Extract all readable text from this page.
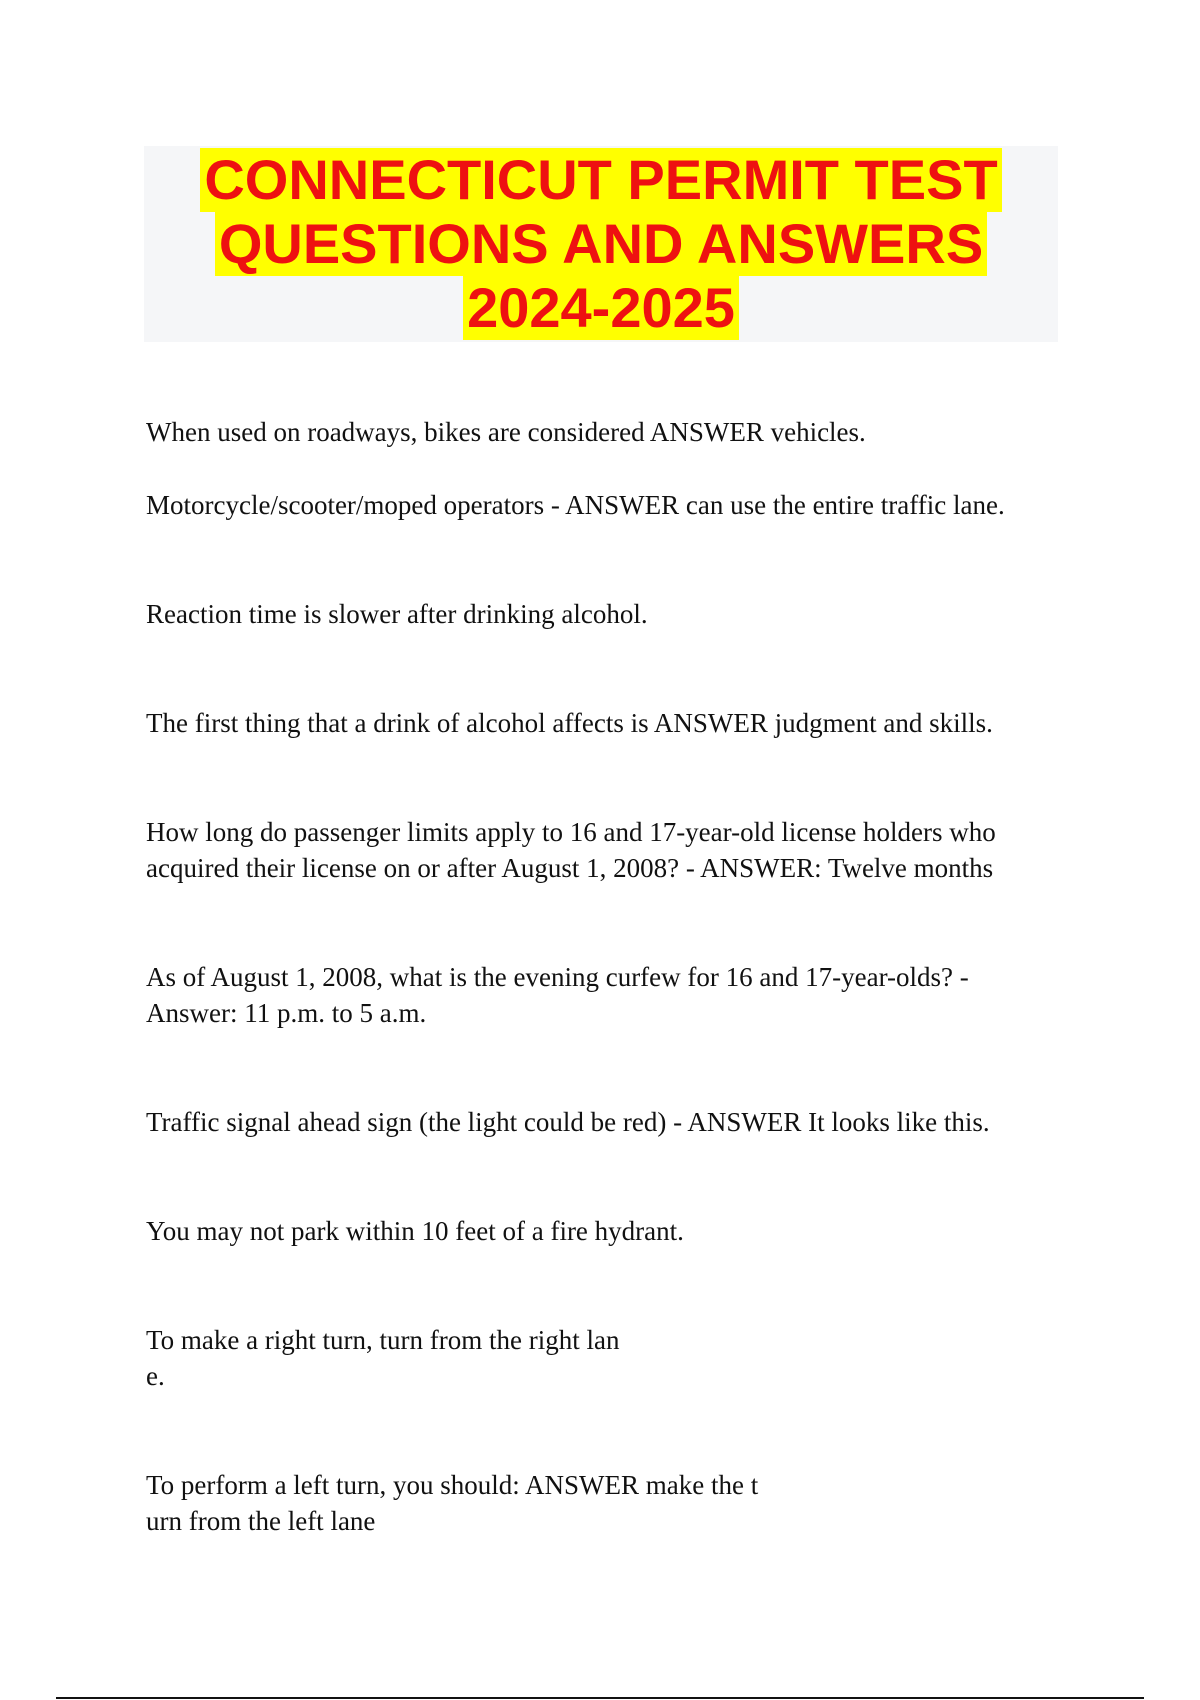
CONNECTICUT PERMIT TEST
QUESTIONS AND ANSWERS
2024-2025

When used on roadways, bikes are considered ANSWER vehicles.

Motorcycle/scooter/moped operators - ANSWER can use the entire traffic lane.

Reaction time is slower after drinking alcohol.

The first thing that a drink of alcohol affects is ANSWER judgment and skills.

How long do passenger limits apply to 16 and 17-year-old license holders who
acquired their license on or after August 1, 2008? - ANSWER: Twelve months

As of August 1, 2008, what is the evening curfew for 16 and 17-year-olds? -
Answer: 11 p.m. to 5 a.m.

Traffic signal ahead sign (the light could be red) - ANSWER It looks like this.

You may not park within 10 feet of a fire hydrant.

To make a right turn, turn from the right lan
e.

To perform a left turn, you should: ANSWER make the t
urn from the left lane
